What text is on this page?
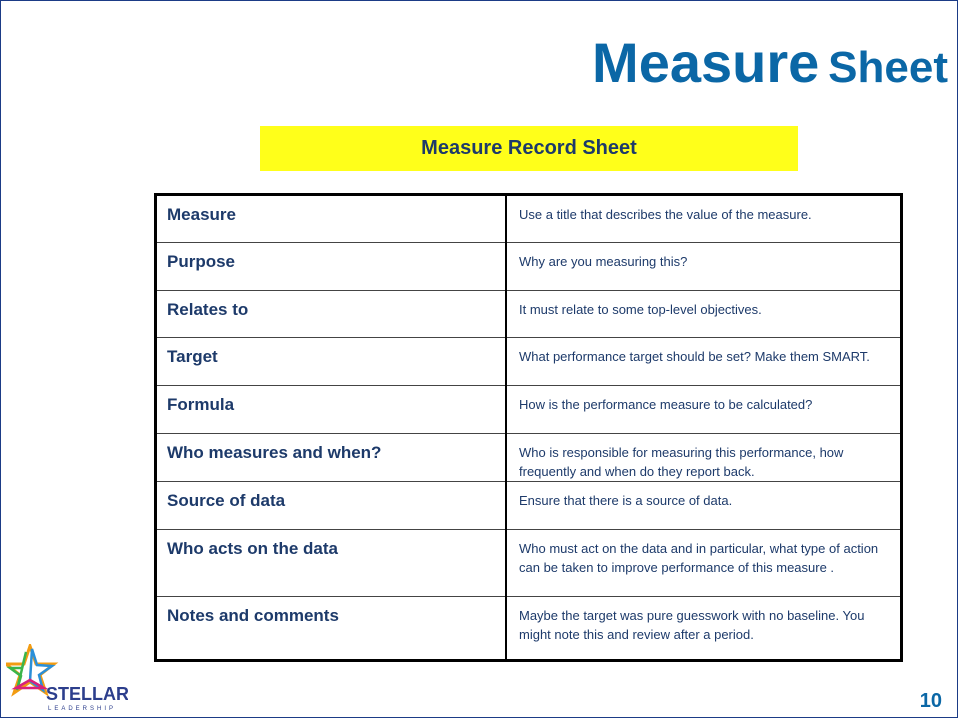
Measure Sheet
Measure Record Sheet
Measure	Use a title that describes the value of the measure.
Purpose	Why are you measuring this?
Relates to	It must relate to some top-level objectives.
Target	What performance target should be set? Make them SMART.
Formula	How is the performance measure to be calculated?
Who measures and when?	Who is responsible for measuring this performance, how frequently and when do they report back.
Source of data	Ensure that there is a source of data.
Who acts on the data	Who must act on the data and in particular, what type of action can be taken to improve performance of this measure .
Notes and comments	Maybe the target was pure guesswork with no baseline. You might note this and review after a period.
STELLAR
LEADERSHIP	10
